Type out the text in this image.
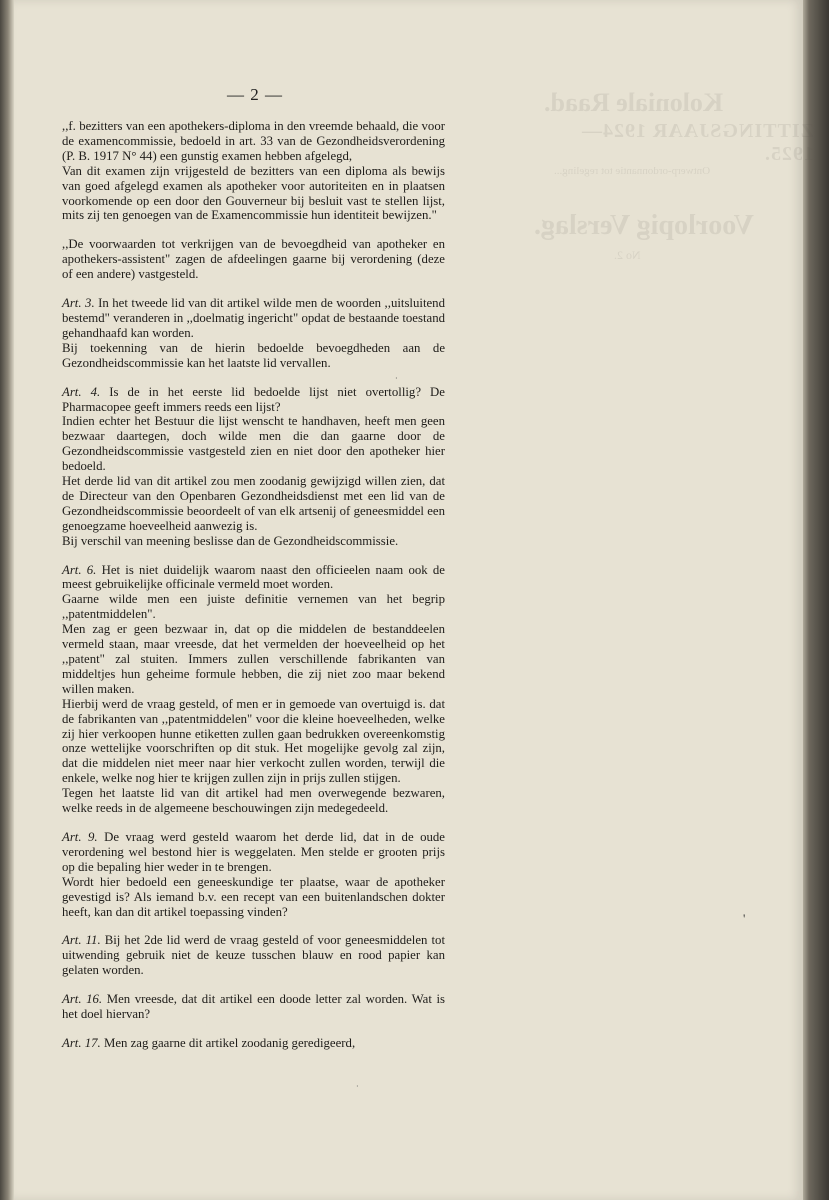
Koloniale Raad.
ZITTINGSJAAR 1924—1925.
Ontwerp-ordonnantie tot regeling...
Voorlopig Verslag.
No 2.
— 2 —

,,f. bezitters van een apothekers-diploma in den vreemde behaald, die voor de examencommissie, bedoeld in art. 33 van de Gezondheidsverordening (P. B. 1917 N° 44) een gunstig examen hebben afgelegd,

Van dit examen zijn vrijgesteld de bezitters van een diploma als bewijs van goed afgelegd examen als apotheker voor autoriteiten en in plaatsen voorkomende op een door den Gouverneur bij besluit vast te stellen lijst, mits zij ten genoegen van de Examencommissie hun identiteit bewijzen."

,,De voorwaarden tot verkrijgen van de bevoegdheid van apotheker en apothekers-assistent" zagen de afdeelingen gaarne bij verordening (deze of een andere) vastgesteld.

Art. 3. In het tweede lid van dit artikel wilde men de woorden ,,uitsluitend bestemd" veranderen in ,,doelmatig ingericht" opdat de bestaande toestand gehandhaafd kan worden.

Bij toekenning van de hierin bedoelde bevoegdheden aan de Gezondheidscommissie kan het laatste lid vervallen.

Art. 4. Is de in het eerste lid bedoelde lijst niet overtollig? De Pharmacopee geeft immers reeds een lijst?

Indien echter het Bestuur die lijst wenscht te handhaven, heeft men geen bezwaar daartegen, doch wilde men die dan gaarne door de Gezondheidscommissie vastgesteld zien en niet door den apotheker hier bedoeld.

Het derde lid van dit artikel zou men zoodanig gewijzigd willen zien, dat de Directeur van den Openbaren Gezondheidsdienst met een lid van de Gezondheidscommissie beoordeelt of van elk artsenij of geneesmiddel een genoegzame hoeveelheid aanwezig is.

Bij verschil van meening beslisse dan de Gezondheidscommissie.

Art. 6. Het is niet duidelijk waarom naast den officieelen naam ook de meest gebruikelijke officinale vermeld moet worden.

Gaarne wilde men een juiste definitie vernemen van het begrip ,,patentmiddelen".

Men zag er geen bezwaar in, dat op die middelen de bestanddeelen vermeld staan, maar vreesde, dat het vermelden der hoeveelheid op het ,,patent" zal stuiten. Immers zullen verschillende fabrikanten van middeltjes hun geheime formule hebben, die zij niet zoo maar bekend willen maken.

Hierbij werd de vraag gesteld, of men er in gemoede van overtuigd is. dat de fabrikanten van ,,patentmiddelen" voor die kleine hoeveelheden, welke zij hier verkoopen hunne etiketten zullen gaan bedrukken overeenkomstig onze wettelijke voorschriften op dit stuk. Het mogelijke gevolg zal zijn, dat die middelen niet meer naar hier verkocht zullen worden, terwijl die enkele, welke nog hier te krijgen zullen zijn in prijs zullen stijgen.

Tegen het laatste lid van dit artikel had men overwegende bezwaren, welke reeds in de algemeene beschouwingen zijn medegedeeld.

Art. 9. De vraag werd gesteld waarom het derde lid, dat in de oude verordening wel bestond hier is weggelaten. Men stelde er grooten prijs op die bepaling hier weder in te brengen.

Wordt hier bedoeld een geneeskundige ter plaatse, waar de apotheker gevestigd is? Als iemand b.v. een recept van een buitenlandschen dokter heeft, kan dan dit artikel toepassing vinden?

Art. 11. Bij het 2de lid werd de vraag gesteld of voor geneesmiddelen tot uitwending gebruik niet de keuze tusschen blauw en rood papier kan gelaten worden.

Art. 16. Men vreesde, dat dit artikel een doode letter zal worden. Wat is het doel hiervan?

Art. 17. Men zag gaarne dit artikel zoodanig geredigeerd,

'
·
·
